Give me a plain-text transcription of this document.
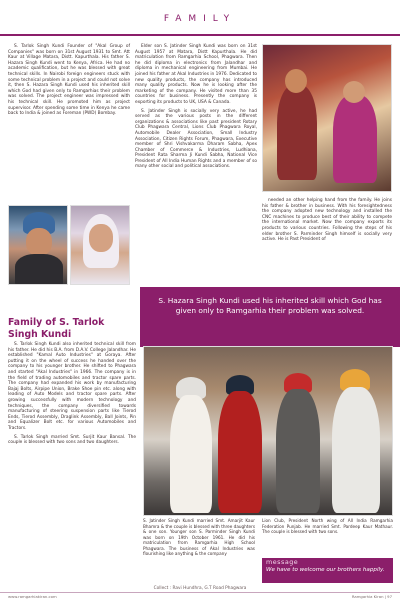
FAMILY

S. Tarlok Singh Kundi Founder of "Akal Group of Companies" was born on 31st August 1931 to Smt. Att Kaur at Village Matara, Distt. Kapurthala. His father S. Hazara Singh Kundi went to Kenya, Africa. He had no academic qualification, but he was blessed with great technical skills. In Nairobi foreign engineers stuck with some technical problem in a project and could not solve it, then S. Hazara Singh Kundi used his inherited skill which God had given only to Ramgarhias their problem was solved. The project engineer was impressed with his technical skill. He promoted him as project supervisor. After spending some time in Kenya he came back to India & joined as Foreman (PWD) Bombay.

Elder son S. Jatinder Singh Kundi was born on 31st August 1957 at Matara, Distt Kapurthala. He did matriculation from Ramgarhia School, Phagwara. Then he did diploma in electronics from Jalandhar and diploma in mechanical engineering from Mumbai. He joined his father at Akal Industries in 1976. Dedicated to new quality products, the company has introduced many quality products. Now he is looking after the marketing of the company. He visited more than 35 countries for business. Presently the company is exporting its products to UK, USA & Canada.

S. Jatinder Singh is socially very active, he had served as the various posts in the different organizations & associations like past president Rotary Club Phagwara Central, Lions Club Phagwara Royal, Automobile Dealer Association, Small Industry Association, Citizen Rights Forum, Phagwara, Executive member of Shri Vishvakarma Dharam Sabha, Apex Chamber of Commerce & Industries, Ludhiana, President Rata Sharma Ji Kundi Sabha, National Vice President of All India Human Rights and a member of so many other social and political associations.

needed an other helping hand from the family. He joins his father & brother in business. With his foresightedness the company adopted new technology and installed the CNC machines to produce best of their ability to compete the international market. Now the company exports its products to various countries. Following the steps of his elder brother S. Parminder Singh himself is socially very active. He is Past President of

S. Hazara Singh Kundi used his inherited skill which God has given only to Ramgarhia their problem was solved.
Family of S. Tarlok Singh Kundi

S. Tarlok Singh Kundi also inherited technical skill from his father. He did his B.A. from D.A.V. College Jalandhar. He established "Kamal Auto Industries" at Goraya. After putting it on the wheel of success he handed over the company to his younger brother. He shifted to Phagwara and started "Akal Industries" in 1966. The company is in the field of trading automobiles and tractor spare parts. The company had expanded his work by manufacturing Bajaj Bolts, Airpipe Union, Brake Shoe pin etc. along with leading of Auto Models and tractor spare parts. After growing successfully with modern technology and techniques, the company diversified towards manufacturing of steering suspension parts like Tierod Ends, Tierod Assembly, Draglink Assembly, Ball Joints, Pin and Equalizer Bolt etc. for various Automobiles and Tractors.

S. Tarlok Singh married Smt. Surjit Kaur Bansal. The couple is blessed with two sons and two daughters.

S. Jatinder Singh Kundi married Smt. Amarjit Kaur Bhamra & the couple is blessed with three daughters & one son. Younger son S. Parminder Singh Kundi was born on 19th October 1961. He did his matriculation from Ramgarhia High School Phagwara. The business of Akal Industries was flourishing like anything & the company
Lion Club, President North wing of All India Ramgarhia Federation Punjab. He married Smt. Pardeep Kaur Mathaur. The couple is blessed with two sons.
message
We have to welcome our brothers happily.
Collect : Ravi Hundhra, G.T Road Phagwara
www.ramgarhiakiran.com	Ramgarhia Kiran | 97
